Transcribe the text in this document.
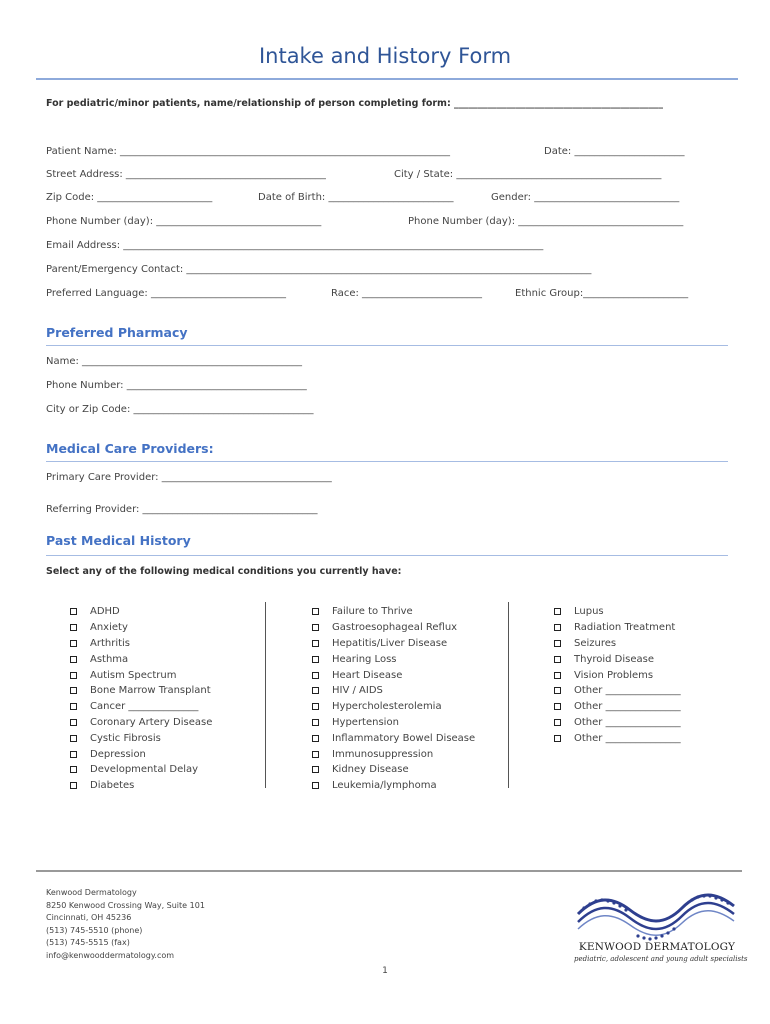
Intake and History Form
For pediatric/minor patients, name/relationship of person completing form: ____________________________________________
Patient Name: __________________________________________________________________	Date: ______________________
Street Address: ________________________________________	City / State: _________________________________________
Zip Code: _______________________	Date of Birth: _________________________	Gender: _____________________________
Phone Number (day): _________________________________	Phone Number (day): _________________________________
Email Address: ____________________________________________________________________________________
Parent/Emergency Contact: _________________________________________________________________________________
Preferred Language: ___________________________	Race: ________________________	Ethnic Group:_____________________
Preferred Pharmacy
Name: ____________________________________________
Phone Number: ____________________________________
City or Zip Code: ____________________________________
Medical Care Providers:
Primary Care Provider: __________________________________
Referring Provider: ___________________________________
Past Medical History
Select any of the following medical conditions you currently have:
ADHD
Anxiety
Arthritis
Asthma
Autism Spectrum
Bone Marrow Transplant
Cancer ______________
Coronary Artery Disease
Cystic Fibrosis
Depression
Developmental Delay
Diabetes
Failure to Thrive
Gastroesophageal Reflux
Hepatitis/Liver Disease
Hearing Loss
Heart Disease
HIV / AIDS
Hypercholesterolemia
Hypertension
Inflammatory Bowel Disease
Immunosuppression
Kidney Disease
Leukemia/lymphoma
Lupus
Radiation Treatment
Seizures
Thyroid Disease
Vision Problems
Other _______________
Other _______________
Other _______________
Other _______________
Kenwood Dermatology
8250 Kenwood Crossing Way, Suite 101
Cincinnati, OH 45236
(513) 745-5510 (phone)
(513) 745-5515 (fax)
info@kenwooddermatology.com
1
KENWOOD DERMATOLOGY
pediatric, adolescent and young adult specialists
